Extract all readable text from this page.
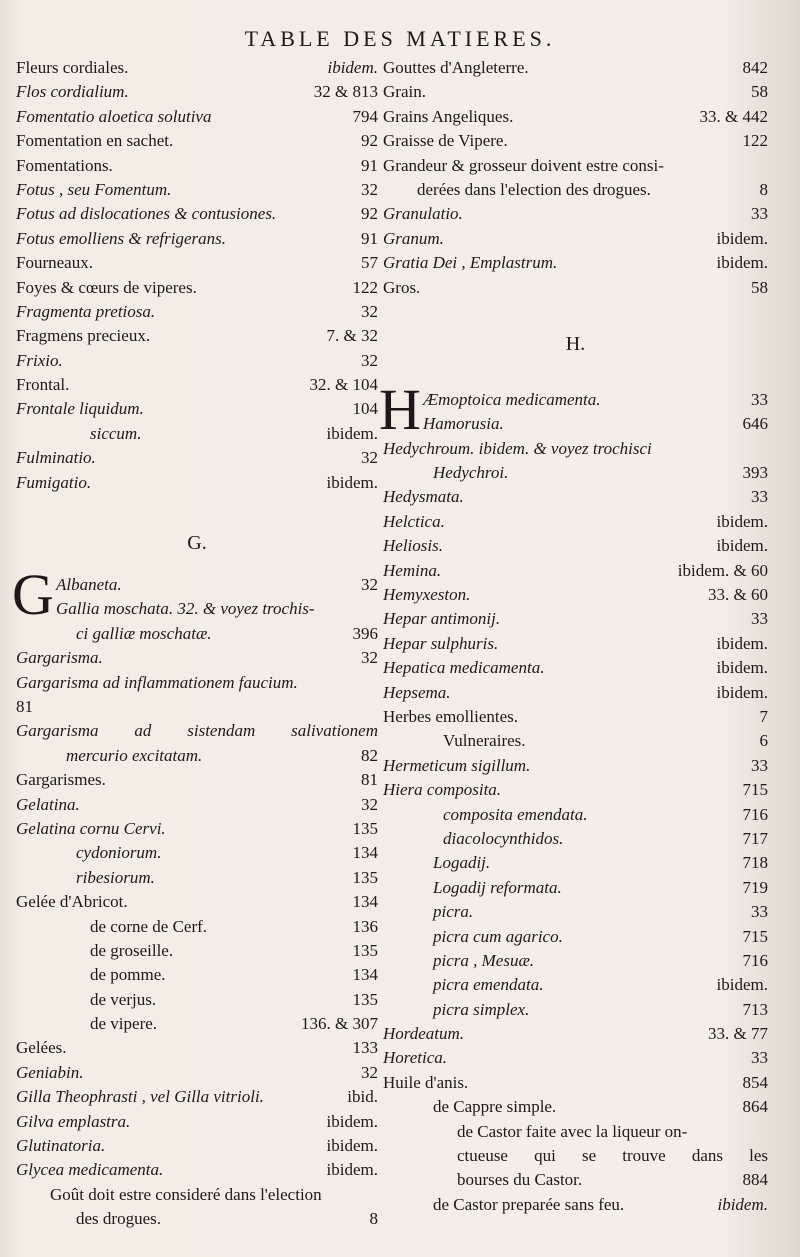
TABLE DES MATIERES.
Fleurs cordiales.	ibidem.
Flos cordialium.	32 & 813
Fomentatio aloetica solutiva	794
Fomentation en sachet.	92
Fomentations.	91
Fotus , seu Fomentum.	32
Fotus ad dislocationes & contusiones.	92
Fotus emolliens & refrigerans.	91
Fourneaux.	57
Foyes & cœurs de viperes.	122
Fragmenta pretiosa.	32
Fragmens precieux.	7. & 32
Frixio.	32
Frontal.	32. & 104
Frontale liquidum.	104
siccum.	ibidem.
Fulminatio.	32
Fumigatio.	ibidem.
G.
G Albaneta.	32
Gallia moschata. 32. & voyez trochis-
ci galliæ moschatæ.	396
Gargarisma.	32
Gargarisma ad inflammationem faucium.
81
Gargarisma ad sistendam salivationem
mercurio excitatam.	82
Gargarismes.	81
Gelatina.	32
Gelatina cornu Cervi.	135
cydoniorum.	134
ribesiorum.	135
Gelée d'Abricot.	134
de corne de Cerf.	136
de groseille.	135
de pomme.	134
de verjus.	135
de vipere.	136. & 307
Gelées.	133
Geniabin.	32
Gilla Theophrasti , vel Gilla vitrioli.	ibid.
Gilva emplastra.	ibidem.
Glutinatoria.	ibidem.
Glycea medicamenta.	ibidem.
Goût doit estre consideré dans l'election
des drogues.	8
Gouttes d'Angleterre.	842
Grain.	58
Grains Angeliques.	33. & 442
Graisse de Vipere.	122
Grandeur & grosseur doivent estre consi-
derées dans l'election des drogues.	8
Granulatio.	33
Granum.	ibidem.
Gratia Dei , Emplastrum.	ibidem.
Gros.	58
H.
H Æmoptoica medicamenta.	33
Hamorusia.	646
Hedychroum. ibidem. & voyez trochisci
Hedychroi.	393
Hedysmata.	33
Helctica.	ibidem.
Heliosis.	ibidem.
Hemina.	ibidem. & 60
Hemyxeston.	33. & 60
Hepar antimonij.	33
Hepar sulphuris.	ibidem.
Hepatica medicamenta.	ibidem.
Hepsema.	ibidem.
Herbes emollientes.	7
Vulneraires.	6
Hermeticum sigillum.	33
Hiera composita.	715
composita emendata.	716
diacolocynthidos.	717
Logadij.	718
Logadij reformata.	719
picra.	33
picra cum agarico.	715
picra , Mesuæ.	716
picra emendata.	ibidem.
picra simplex.	713
Hordeatum.	33. & 77
Horetica.	33
Huile d'anis.	854
de Cappre simple.	864
de Castor faite avec la liqueur on-
ctueuse qui se trouve dans les
bourses du Castor.	884
de Castor preparée sans feu.	ibidem.
